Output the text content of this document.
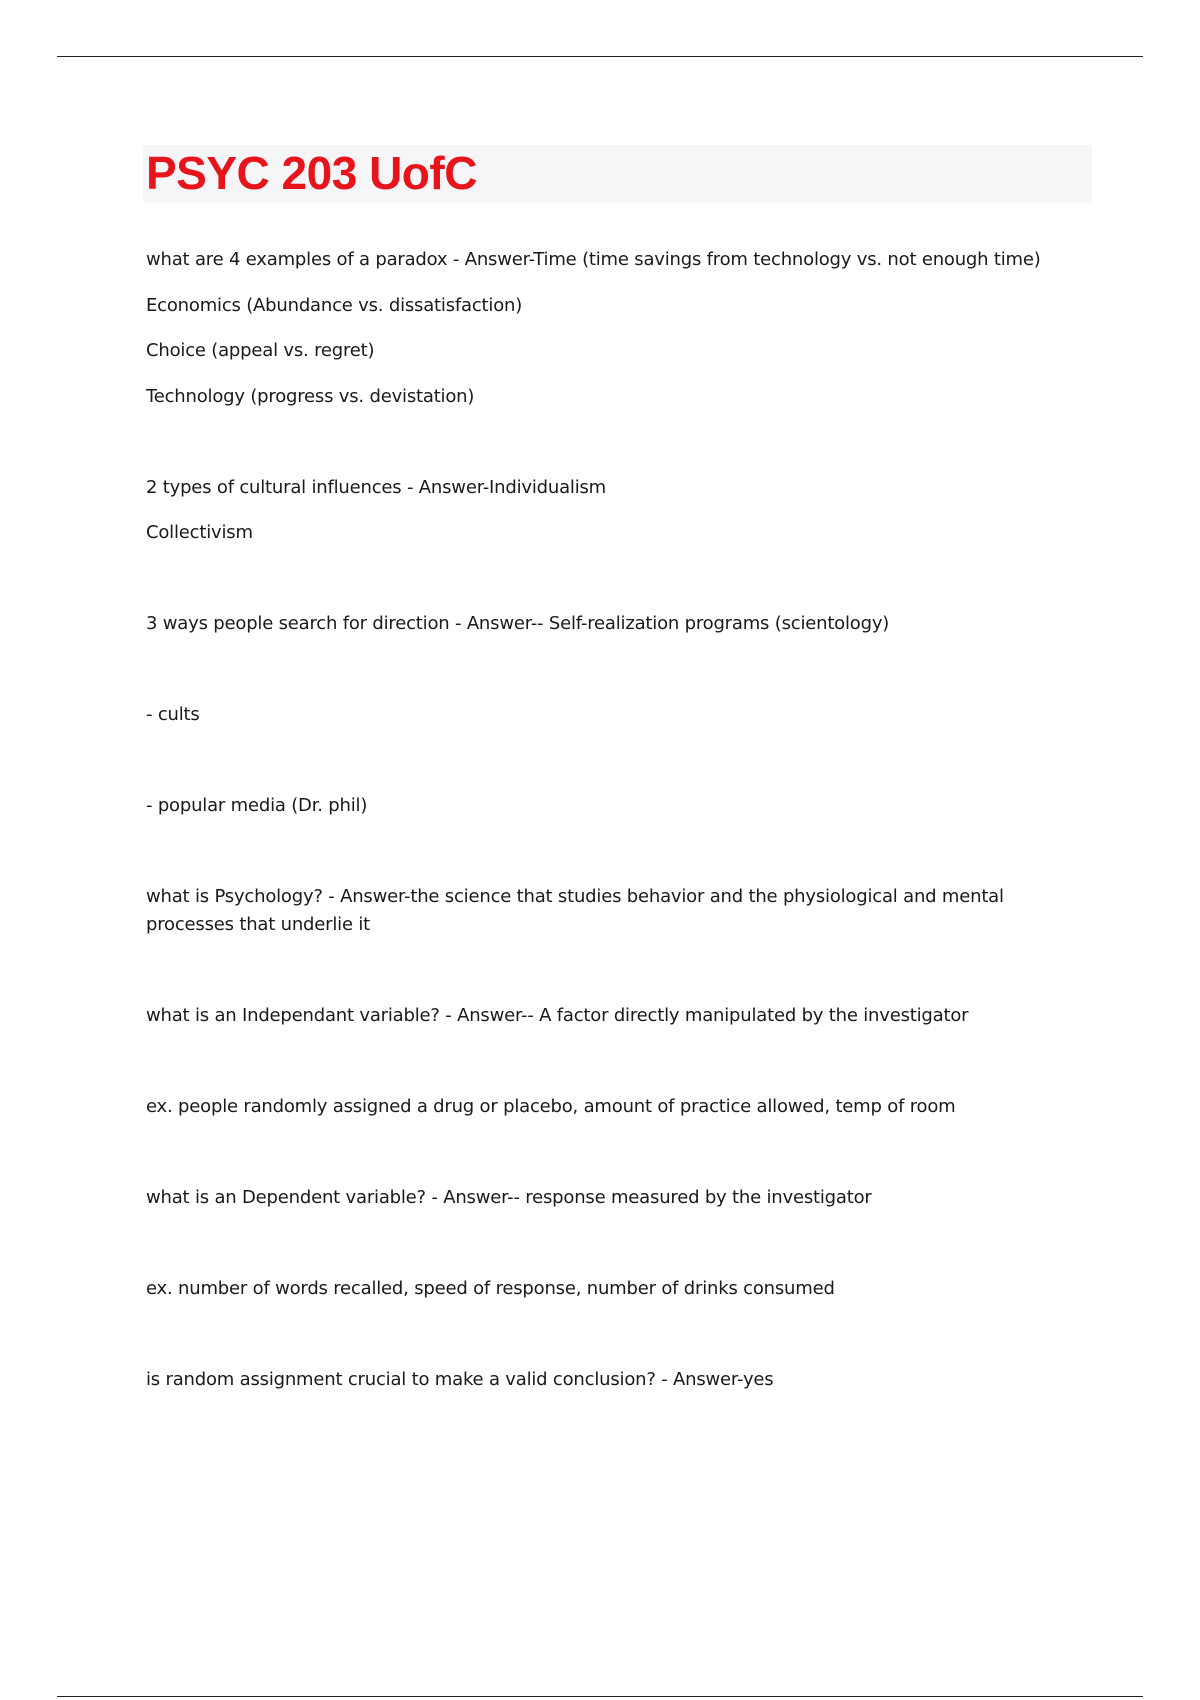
PSYC 203 UofC
what are 4 examples of a paradox - Answer-Time (time savings from technology vs. not enough time)
Economics (Abundance vs. dissatisfaction)
Choice (appeal vs. regret)
Technology (progress vs. devistation)
2 types of cultural influences - Answer-Individualism
Collectivism
3 ways people search for direction - Answer-- Self-realization programs (scientology)
- cults
- popular media (Dr. phil)
what is Psychology? - Answer-the science that studies behavior and the physiological and mental
processes that underlie it
what is an Independant variable? - Answer-- A factor directly manipulated by the investigator
ex. people randomly assigned a drug or placebo, amount of practice allowed, temp of room
what is an Dependent variable? - Answer-- response measured by the investigator
ex. number of words recalled, speed of response, number of drinks consumed
is random assignment crucial to make a valid conclusion? - Answer-yes
